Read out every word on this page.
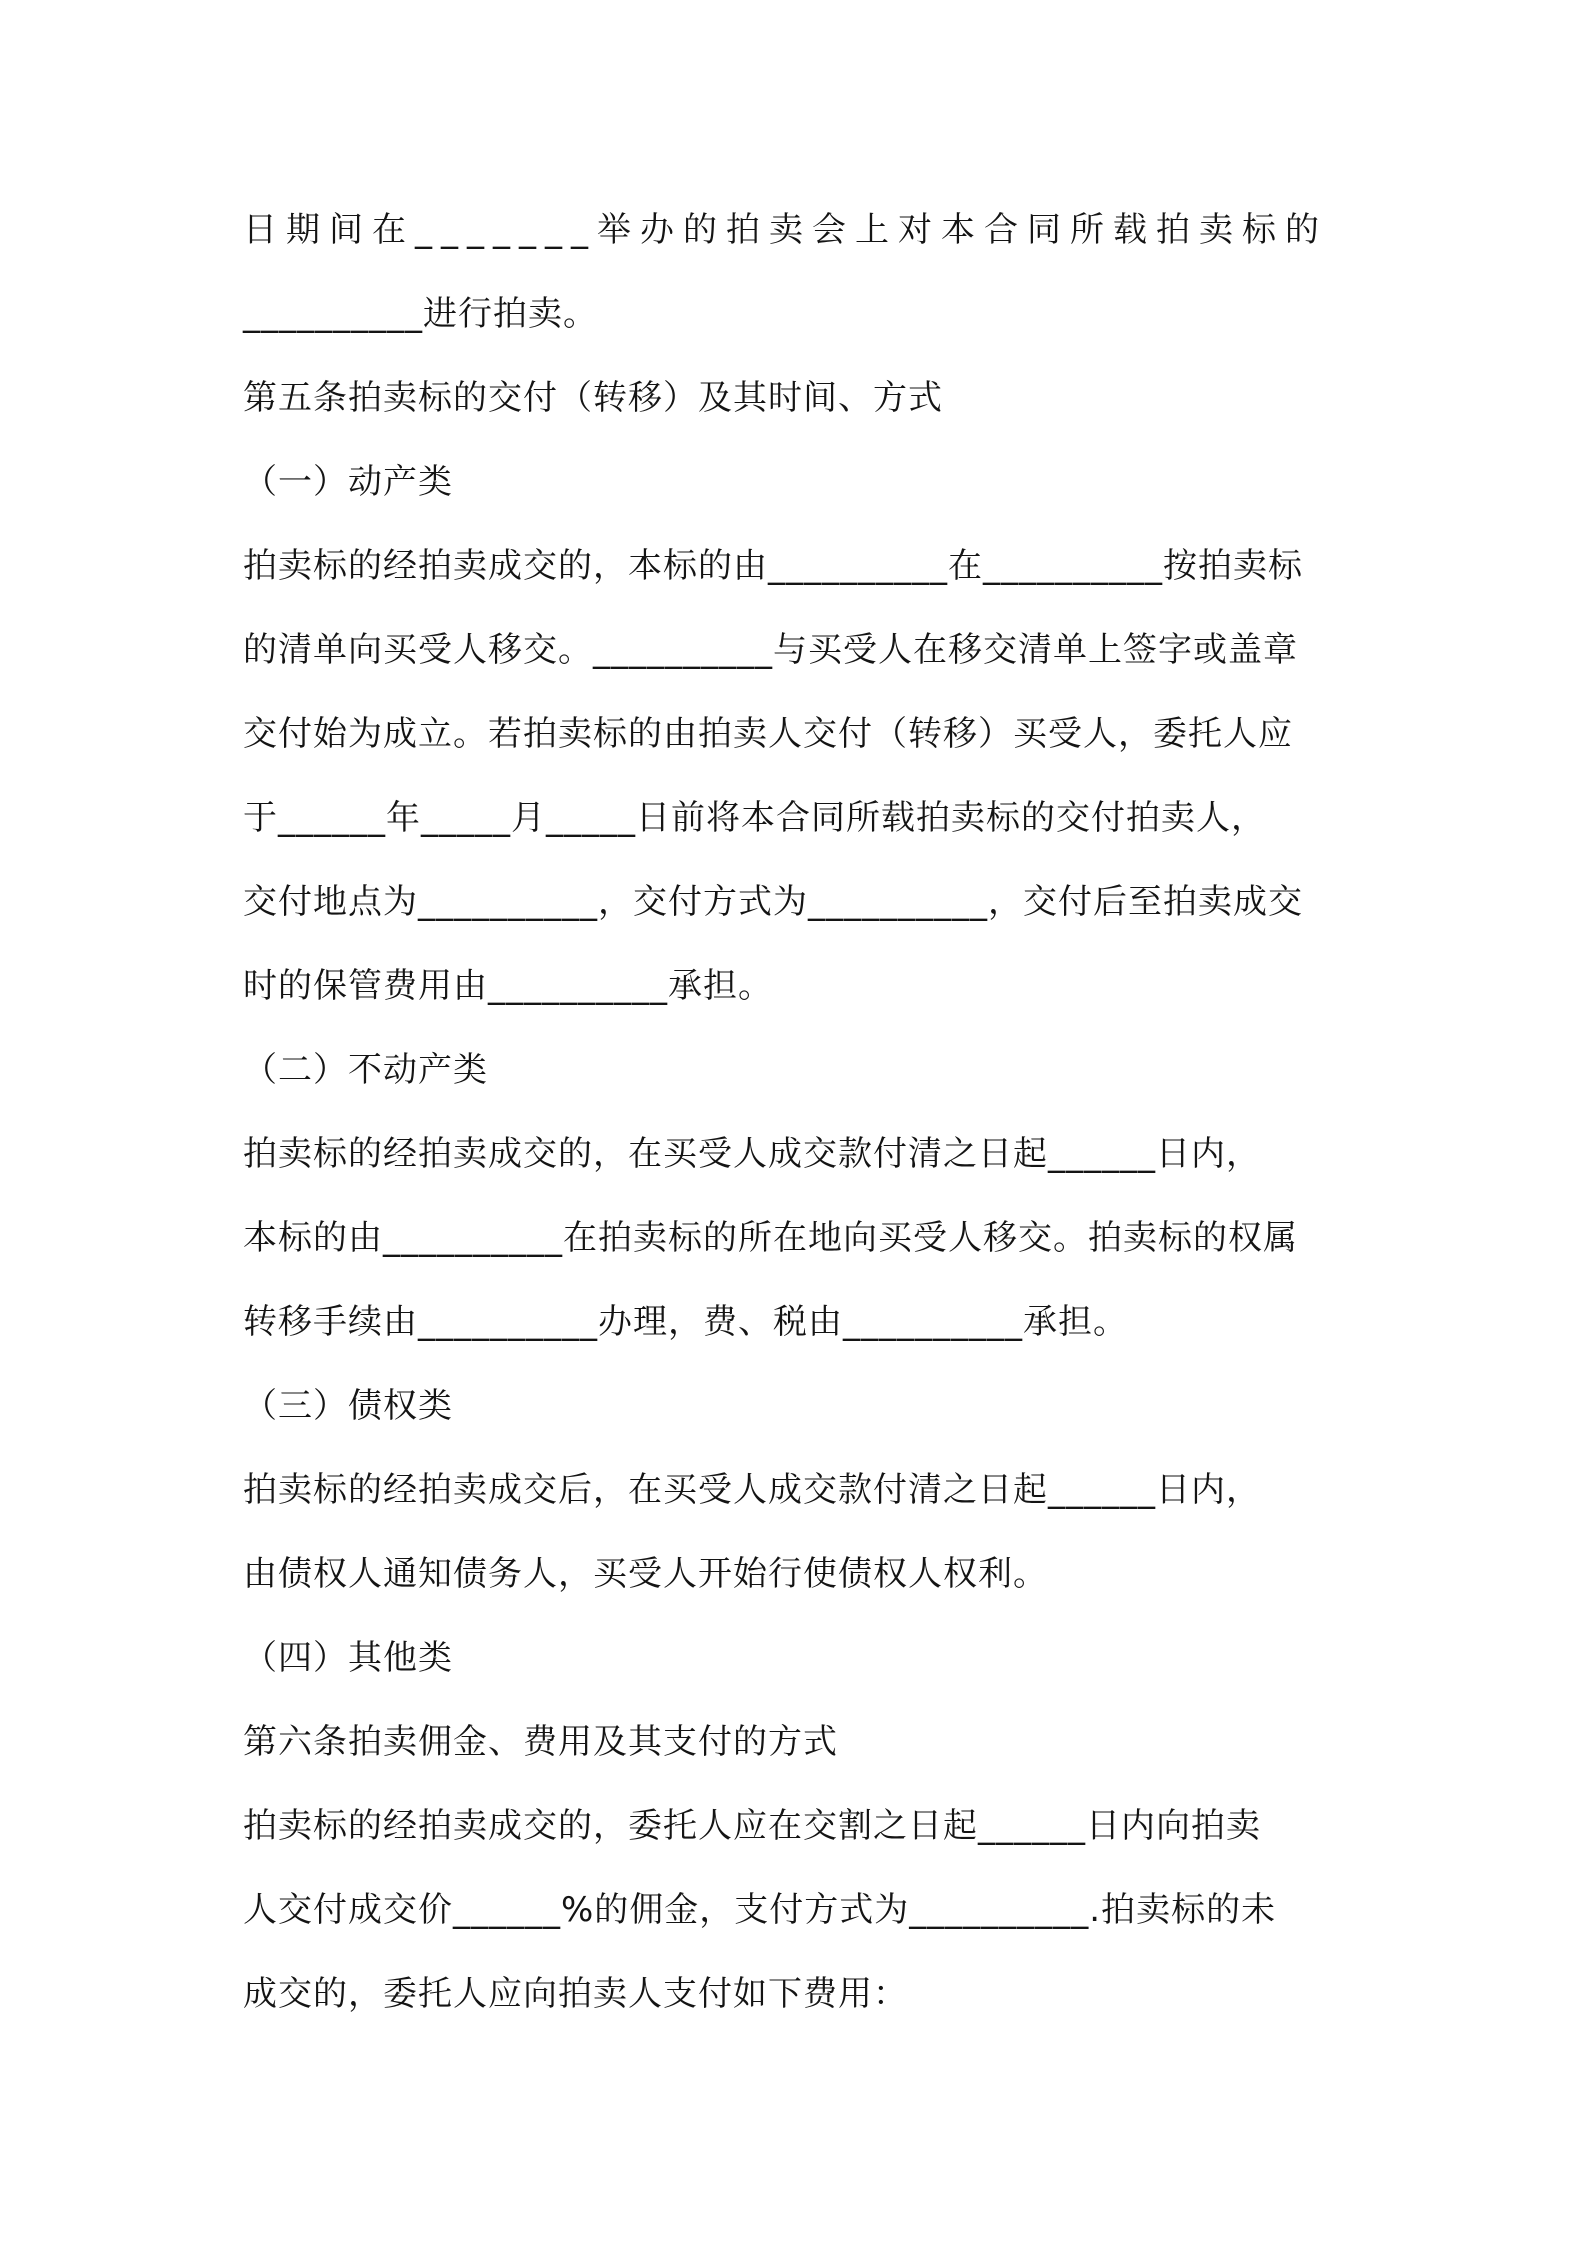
日期间在_______举办的拍卖会上对本合同所载拍卖标的
__________进行拍卖。
第五条拍卖标的交付（转移）及其时间、方式
（一）动产类
拍卖标的经拍卖成交的，本标的由__________在__________按拍卖标
的清单向买受人移交。__________与买受人在移交清单上签字或盖章
交付始为成立。若拍卖标的由拍卖人交付（转移）买受人，委托人应
于______年_____月_____日前将本合同所载拍卖标的交付拍卖人，
交付地点为__________，交付方式为__________，交付后至拍卖成交
时的保管费用由__________承担。
（二）不动产类
拍卖标的经拍卖成交的，在买受人成交款付清之日起______日内，
本标的由__________在拍卖标的所在地向买受人移交。拍卖标的权属
转移手续由__________办理，费、税由__________承担。
（三）债权类
拍卖标的经拍卖成交后，在买受人成交款付清之日起______日内，
由债权人通知债务人，买受人开始行使债权人权利。
（四）其他类
第六条拍卖佣金、费用及其支付的方式
拍卖标的经拍卖成交的，委托人应在交割之日起______日内向拍卖
人交付成交价______%的佣金，支付方式为__________.拍卖标的未
成交的，委托人应向拍卖人支付如下费用：
